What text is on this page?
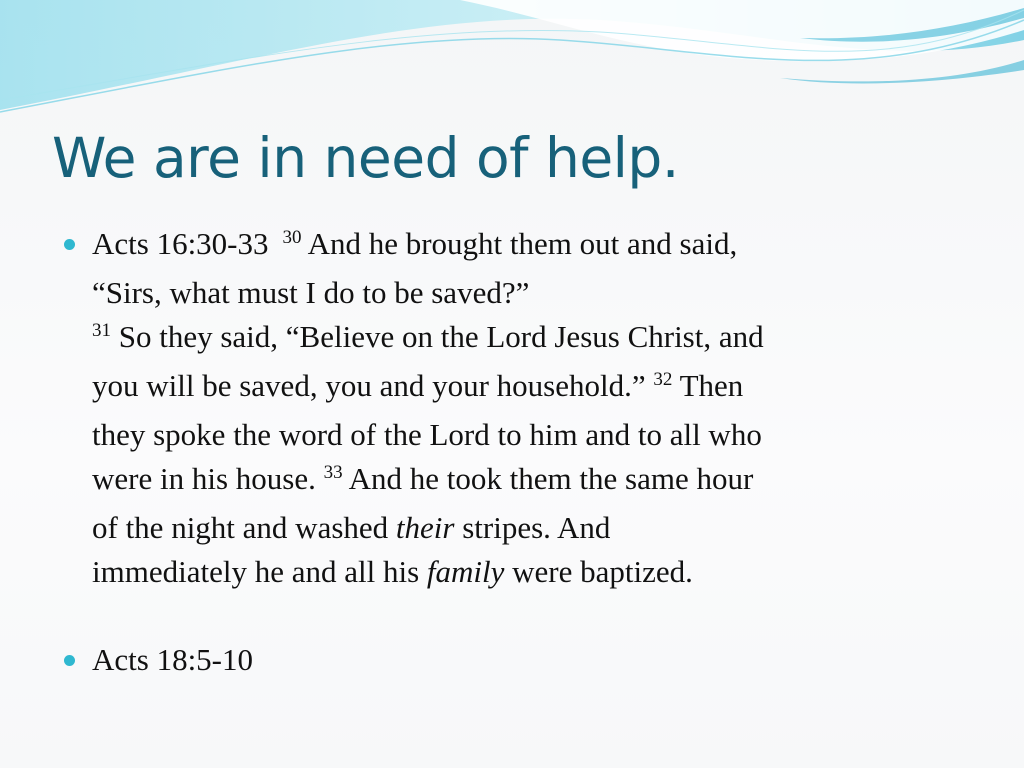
We are in need of help.
Acts 16:30-33 $^{30}$ And he brought them out and said,
“Sirs, what must I do to be saved?”
$^{31}$ So they said, “Believe on the Lord Jesus Christ, and
you will be saved, you and your household.” $^{32}$ Then
they spoke the word of the Lord to him and to all who
were in his house. $^{33}$ And he took them the same hour
of the night and washed their stripes. And
immediately he and all his family were baptized.
Acts 18:5-10
